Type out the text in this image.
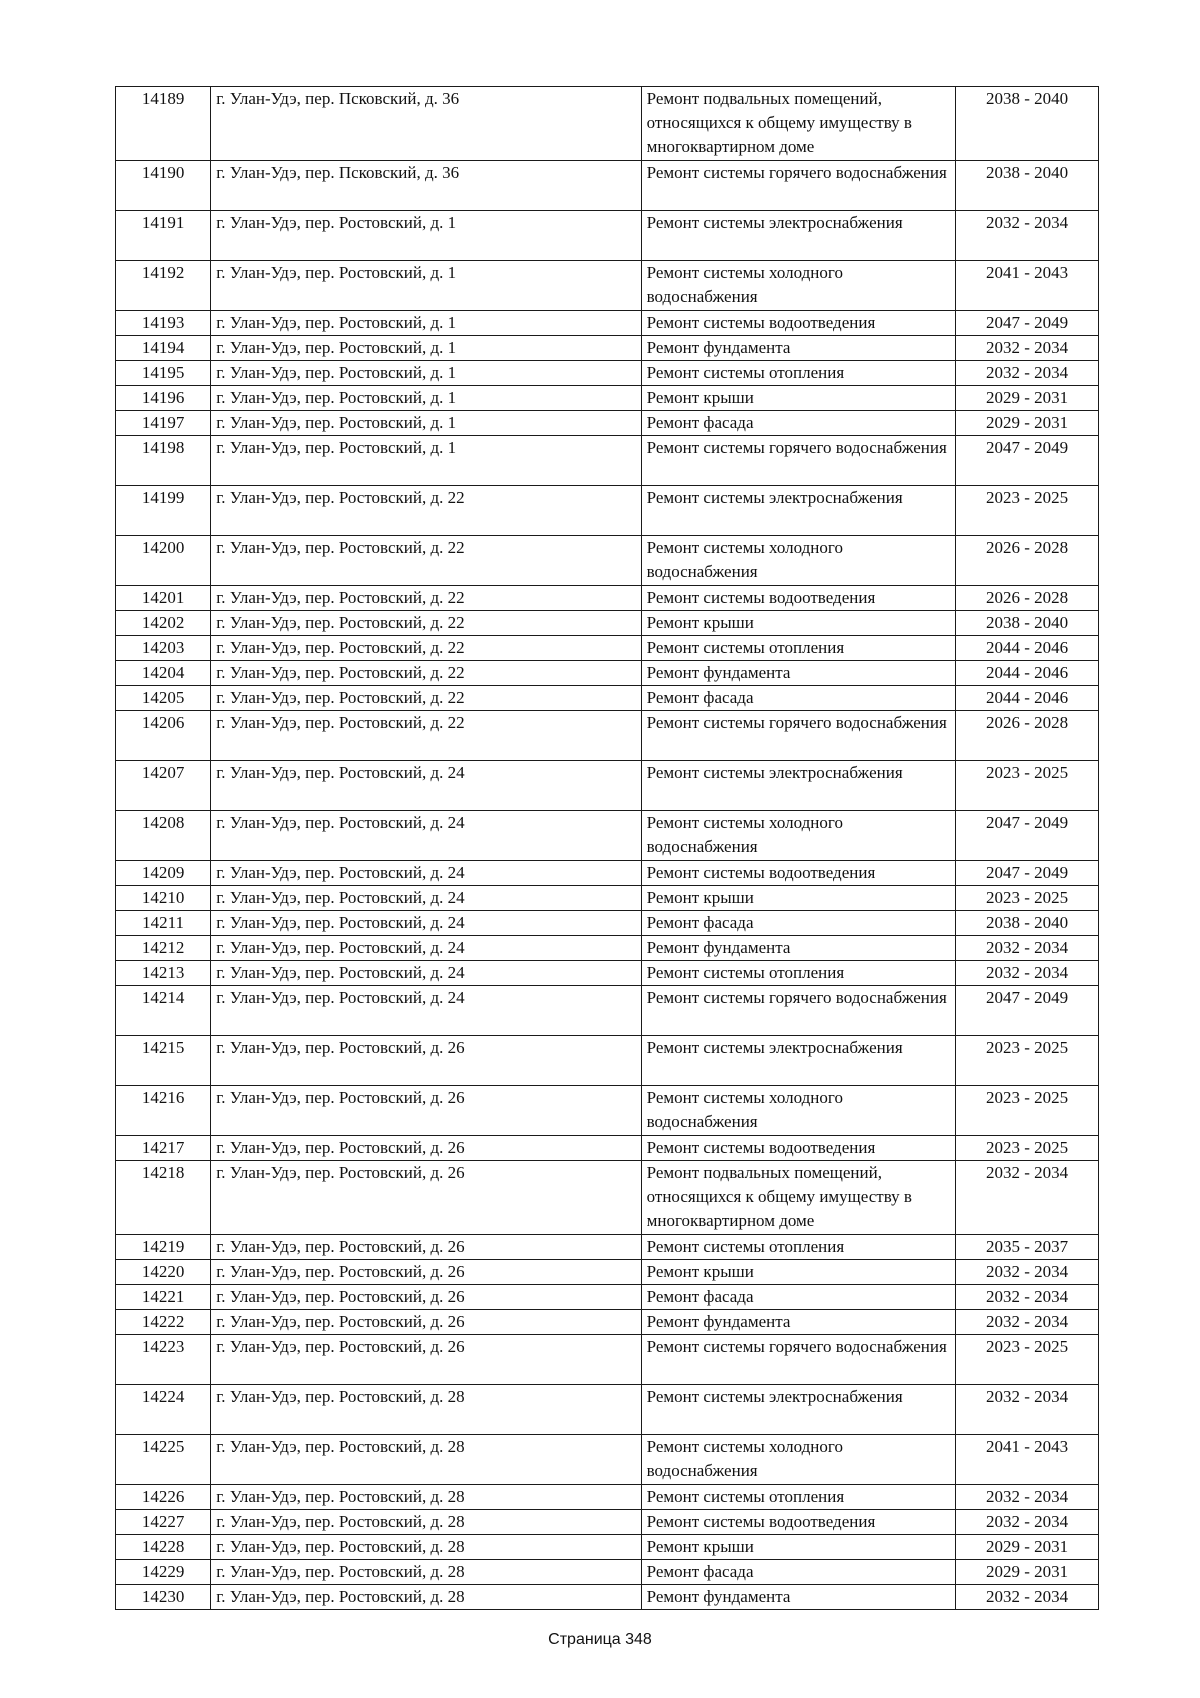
14189	г. Улан-Удэ, пер. Псковский, д. 36	Ремонт подвальных помещений, относящихся к общему имуществу в многоквартирном доме	2038 - 2040
14190	г. Улан-Удэ, пер. Псковский, д. 36	Ремонт системы горячего водоснабжения	2038 - 2040
14191	г. Улан-Удэ, пер. Ростовский, д. 1	Ремонт системы электроснабжения	2032 - 2034
14192	г. Улан-Удэ, пер. Ростовский, д. 1	Ремонт системы холодного водоснабжения	2041 - 2043
14193	г. Улан-Удэ, пер. Ростовский, д. 1	Ремонт системы водоотведения	2047 - 2049
14194	г. Улан-Удэ, пер. Ростовский, д. 1	Ремонт фундамента	2032 - 2034
14195	г. Улан-Удэ, пер. Ростовский, д. 1	Ремонт системы отопления	2032 - 2034
14196	г. Улан-Удэ, пер. Ростовский, д. 1	Ремонт крыши	2029 - 2031
14197	г. Улан-Удэ, пер. Ростовский, д. 1	Ремонт фасада	2029 - 2031
14198	г. Улан-Удэ, пер. Ростовский, д. 1	Ремонт системы горячего водоснабжения	2047 - 2049
14199	г. Улан-Удэ, пер. Ростовский, д. 22	Ремонт системы электроснабжения	2023 - 2025
14200	г. Улан-Удэ, пер. Ростовский, д. 22	Ремонт системы холодного водоснабжения	2026 - 2028
14201	г. Улан-Удэ, пер. Ростовский, д. 22	Ремонт системы водоотведения	2026 - 2028
14202	г. Улан-Удэ, пер. Ростовский, д. 22	Ремонт крыши	2038 - 2040
14203	г. Улан-Удэ, пер. Ростовский, д. 22	Ремонт системы отопления	2044 - 2046
14204	г. Улан-Удэ, пер. Ростовский, д. 22	Ремонт фундамента	2044 - 2046
14205	г. Улан-Удэ, пер. Ростовский, д. 22	Ремонт фасада	2044 - 2046
14206	г. Улан-Удэ, пер. Ростовский, д. 22	Ремонт системы горячего водоснабжения	2026 - 2028
14207	г. Улан-Удэ, пер. Ростовский, д. 24	Ремонт системы электроснабжения	2023 - 2025
14208	г. Улан-Удэ, пер. Ростовский, д. 24	Ремонт системы холодного водоснабжения	2047 - 2049
14209	г. Улан-Удэ, пер. Ростовский, д. 24	Ремонт системы водоотведения	2047 - 2049
14210	г. Улан-Удэ, пер. Ростовский, д. 24	Ремонт крыши	2023 - 2025
14211	г. Улан-Удэ, пер. Ростовский, д. 24	Ремонт фасада	2038 - 2040
14212	г. Улан-Удэ, пер. Ростовский, д. 24	Ремонт фундамента	2032 - 2034
14213	г. Улан-Удэ, пер. Ростовский, д. 24	Ремонт системы отопления	2032 - 2034
14214	г. Улан-Удэ, пер. Ростовский, д. 24	Ремонт системы горячего водоснабжения	2047 - 2049
14215	г. Улан-Удэ, пер. Ростовский, д. 26	Ремонт системы электроснабжения	2023 - 2025
14216	г. Улан-Удэ, пер. Ростовский, д. 26	Ремонт системы холодного водоснабжения	2023 - 2025
14217	г. Улан-Удэ, пер. Ростовский, д. 26	Ремонт системы водоотведения	2023 - 2025
14218	г. Улан-Удэ, пер. Ростовский, д. 26	Ремонт подвальных помещений, относящихся к общему имуществу в многоквартирном доме	2032 - 2034
14219	г. Улан-Удэ, пер. Ростовский, д. 26	Ремонт системы отопления	2035 - 2037
14220	г. Улан-Удэ, пер. Ростовский, д. 26	Ремонт крыши	2032 - 2034
14221	г. Улан-Удэ, пер. Ростовский, д. 26	Ремонт фасада	2032 - 2034
14222	г. Улан-Удэ, пер. Ростовский, д. 26	Ремонт фундамента	2032 - 2034
14223	г. Улан-Удэ, пер. Ростовский, д. 26	Ремонт системы горячего водоснабжения	2023 - 2025
14224	г. Улан-Удэ, пер. Ростовский, д. 28	Ремонт системы электроснабжения	2032 - 2034
14225	г. Улан-Удэ, пер. Ростовский, д. 28	Ремонт системы холодного водоснабжения	2041 - 2043
14226	г. Улан-Удэ, пер. Ростовский, д. 28	Ремонт системы отопления	2032 - 2034
14227	г. Улан-Удэ, пер. Ростовский, д. 28	Ремонт системы водоотведения	2032 - 2034
14228	г. Улан-Удэ, пер. Ростовский, д. 28	Ремонт крыши	2029 - 2031
14229	г. Улан-Удэ, пер. Ростовский, д. 28	Ремонт фасада	2029 - 2031
14230	г. Улан-Удэ, пер. Ростовский, д. 28	Ремонт фундамента	2032 - 2034
Страница 348
